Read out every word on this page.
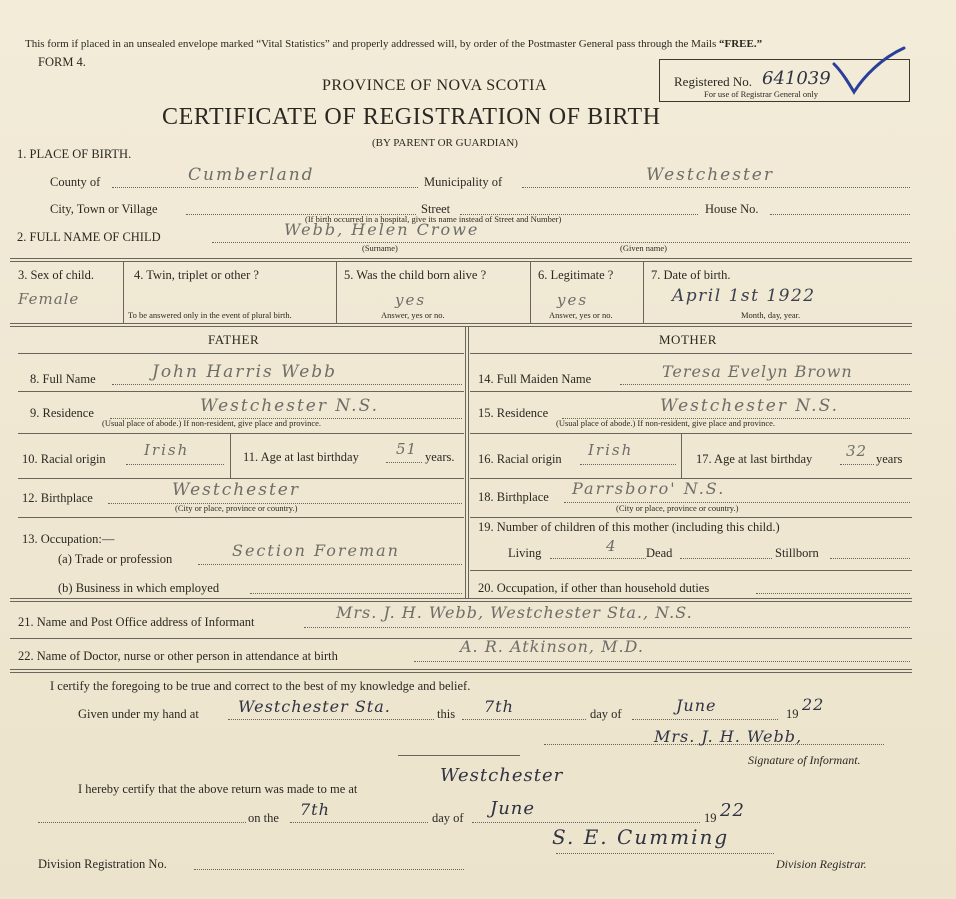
This form if placed in an unsealed envelope marked “Vital Statistics” and properly addressed will, by order of the Postmaster General pass through the Mails “FREE.”
FORM 4.
PROVINCE OF NOVA SCOTIA
CERTIFICATE OF REGISTRATION OF BIRTH
(BY PARENT OR GUARDIAN)
Registered No. 641039
For use of Registrar General only
1. PLACE OF BIRTH.
County of	Cumberland	Municipality of	Westchester
City, Town or Village	Street	House No.
(If birth occurred in a hospital, give its name instead of Street and Number)
2. FULL NAME OF CHILD	Webb, Helen Crowe
(Surname)	(Given name)
3. Sex of child.
Female
4. Twin, triplet or other ?
To be answered only in the event of plural birth.
5. Was the child born alive ?
yes
Answer, yes or no.
6. Legitimate ?
yes
Answer, yes or no.
7. Date of birth.
April 1st 1922
Month, day, year.
FATHER	MOTHER
8. Full Name	John Harris Webb
9. Residence	Westchester N.S.
(Usual place of abode.) If non-resident, give place and province.
10. Racial origin	Irish	11. Age at last birthday 51 years.
12. Birthplace	Westchester
(City or place, province or country.)
13. Occupation:—
(a) Trade or profession	Section Foreman
(b) Business in which employed
14. Full Maiden Name	Teresa Evelyn Brown
15. Residence	Westchester N.S.
(Usual place of abode.) If non-resident, give place and province.
16. Racial origin Irish	17. Age at last birthday 32 years
18. Birthplace Parrsboro' N.S.
(City or place, province or country.)
19. Number of children of this mother (including this child.)
Living	4 Dead	Stillborn
20. Occupation, if other than household duties
21. Name and Post Office address of Informant	Mrs. J. H. Webb, Westchester Sta., N.S.
22. Name of Doctor, nurse or other person in attendance at birth	A. R. Atkinson, M.D.
I certify the foregoing to be true and correct to the best of my knowledge and belief.
Given under my hand at Westchester Sta.	this 7th	day of	June	19 22
Mrs. J. H. Webb,
Signature of Informant.
I hereby certify that the above return was made to me at
Westchester
on the 7th	day of June	19 22
Division Registration No.
S. E. Cumming
Division Registrar.
